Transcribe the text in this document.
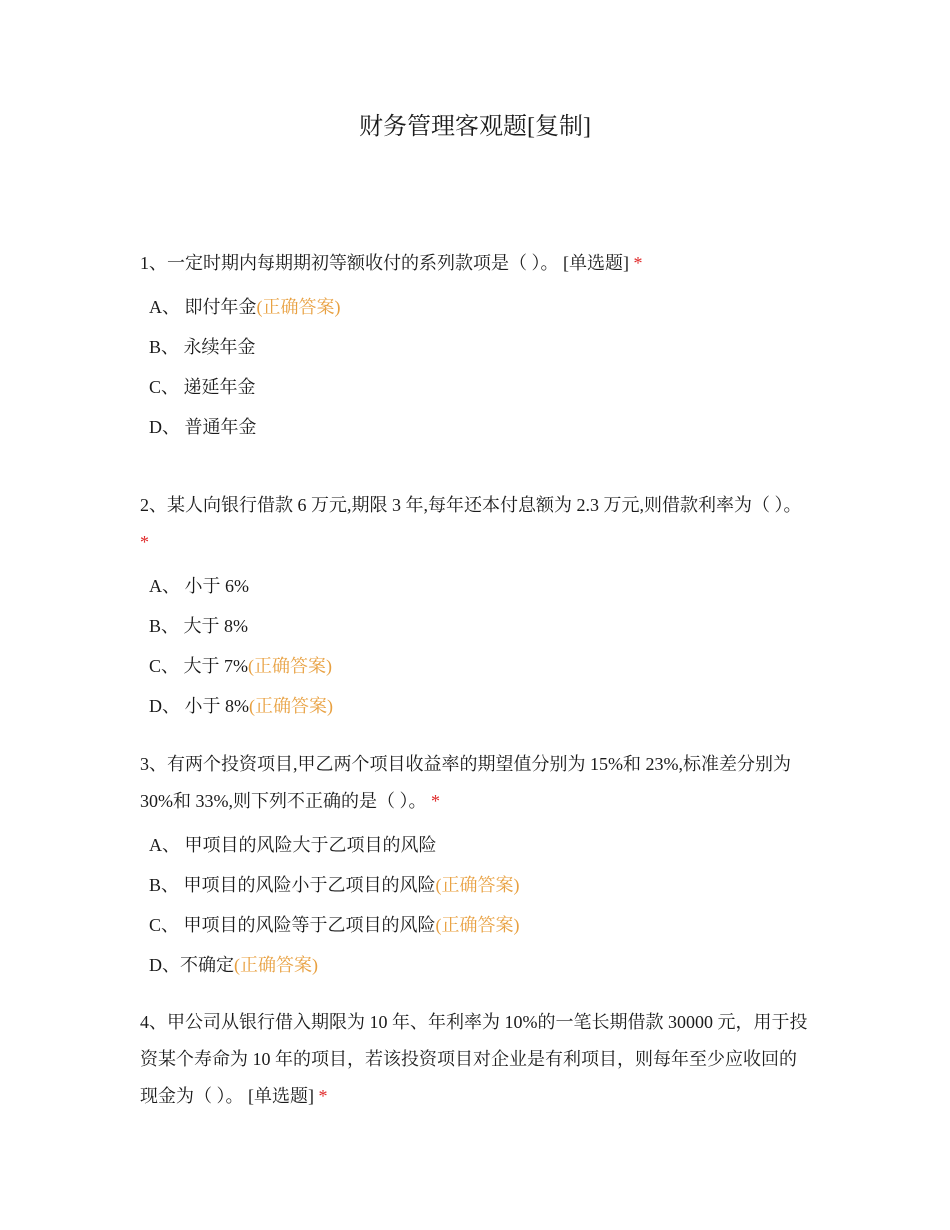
财务管理客观题[复制]

1、一定时期内每期期初等额收付的系列款项是（ ）。 [单选题] *

A、 即付年金(正确答案)
B、 永续年金
C、 递延年金
D、 普通年金

2、某人向银行借款 6 万元,期限 3 年,每年还本付息额为 2.3 万元,则借款利率为（ ）。 *

A、 小于 6%
B、 大于 8%
C、 大于 7%(正确答案)
D、 小于 8%(正确答案)

3、有两个投资项目,甲乙两个项目收益率的期望值分别为 15%和 23%,标准差分别为 30%和 33%,则下列不正确的是（ ）。 *

A、 甲项目的风险大于乙项目的风险
B、 甲项目的风险小于乙项目的风险(正确答案)
C、 甲项目的风险等于乙项目的风险(正确答案)
D、不确定(正确答案)

4、甲公司从银行借入期限为 10 年、年利率为 10%的一笔长期借款 30000 元，用于投资某个寿命为 10 年的项目，若该投资项目对企业是有利项目，则每年至少应收回的现金为（ ）。 [单选题] *
